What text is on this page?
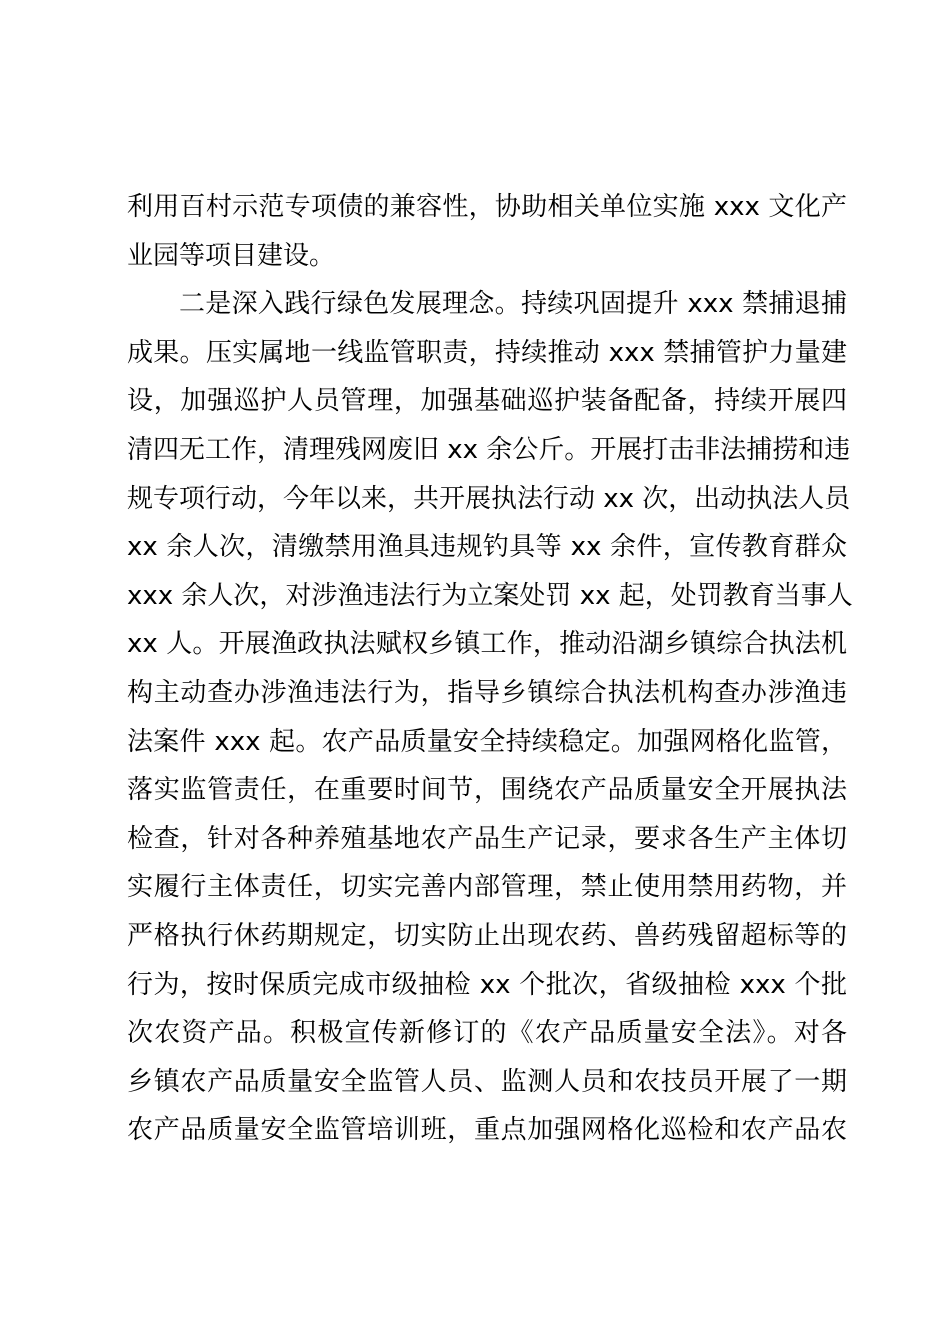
利用百村示范专项债的兼容性，协助相关单位实施 xxx 文化产
业园等项目建设。
二是深入践行绿色发展理念。持续巩固提升 xxx 禁捕退捕
成果。压实属地一线监管职责，持续推动 xxx 禁捕管护力量建
设，加强巡护人员管理，加强基础巡护装备配备，持续开展四
清四无工作，清理残网废旧 xx 余公斤。开展打击非法捕捞和违
规专项行动，今年以来，共开展执法行动 xx 次，出动执法人员
xx 余人次，清缴禁用渔具违规钓具等 xx 余件，宣传教育群众
xxx 余人次，对涉渔违法行为立案处罚 xx 起，处罚教育当事人
xx 人。开展渔政执法赋权乡镇工作，推动沿湖乡镇综合执法机
构主动查办涉渔违法行为，指导乡镇综合执法机构查办涉渔违
法案件 xxx 起。农产品质量安全持续稳定。加强网格化监管，
落实监管责任，在重要时间节，围绕农产品质量安全开展执法
检查，针对各种养殖基地农产品生产记录，要求各生产主体切
实履行主体责任，切实完善内部管理，禁止使用禁用药物，并
严格执行休药期规定，切实防止出现农药、兽药残留超标等的
行为，按时保质完成市级抽检 xx 个批次，省级抽检 xxx 个批
次农资产品。积极宣传新修订的《农产品质量安全法》。对各
乡镇农产品质量安全监管人员、监测人员和农技员开展了一期
农产品质量安全监管培训班，重点加强网格化巡检和农产品农
